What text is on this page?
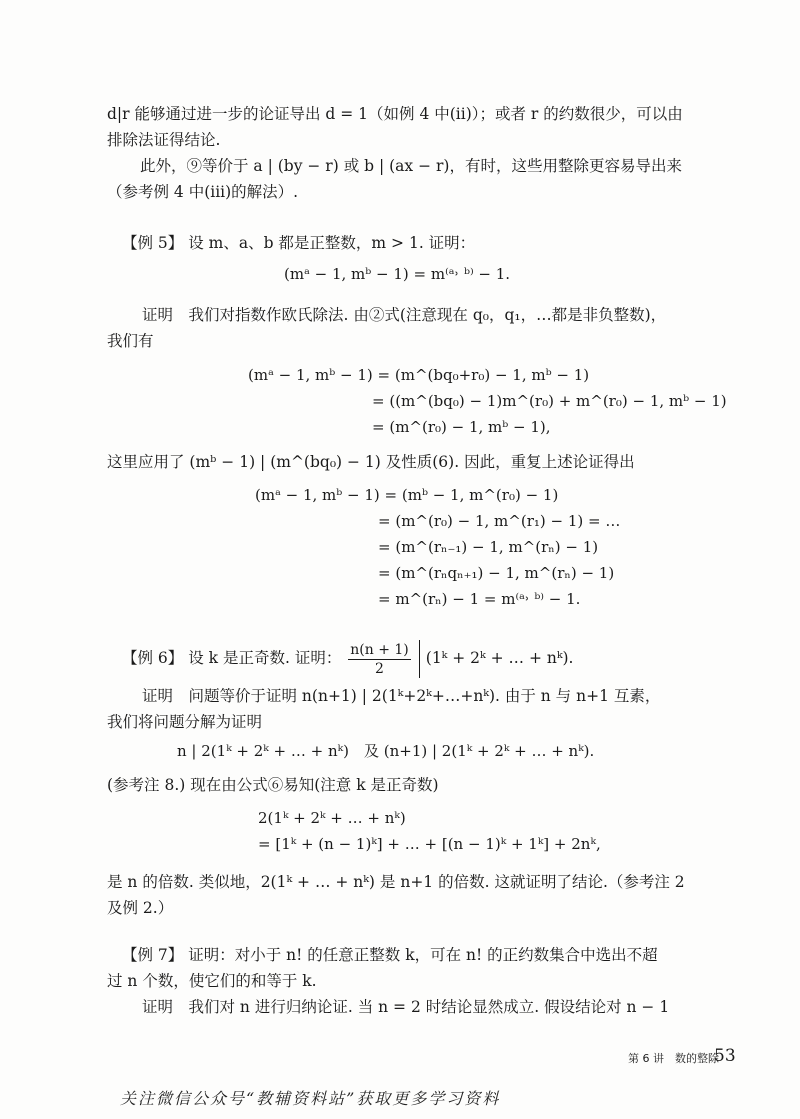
d|r 能够通过进一步的论证导出 d = 1（如例 4 中(ii)）；或者 r 的约数很少，可以由
排除法证得结论.
此外，⑨等价于 a | (by − r) 或 b | (ax − r)，有时，这些用整除更容易导出来
（参考例 4 中(iii)的解法）.
【例 5】 设 m、a、b 都是正整数，m > 1. 证明：
(mᵃ − 1, mᵇ − 1) = m⁽ᵃ˒ ᵇ⁾ − 1.
证明　我们对指数作欧氏除法. 由②式(注意现在 q₀，q₁，…都是非负整数)，
我们有
(mᵃ − 1, mᵇ − 1) = (m^(bq₀+r₀) − 1, mᵇ − 1)
= ((m^(bq₀) − 1)m^(r₀) + m^(r₀) − 1, mᵇ − 1)
= (m^(r₀) − 1, mᵇ − 1),
这里应用了 (mᵇ − 1) | (m^(bq₀) − 1) 及性质(6). 因此，重复上述论证得出
(mᵃ − 1, mᵇ − 1) = (mᵇ − 1, m^(r₀) − 1)
= (m^(r₀) − 1, m^(r₁) − 1) = …
= (m^(rₙ₋₁) − 1, m^(rₙ) − 1)
= (m^(rₙqₙ₊₁) − 1, m^(rₙ) − 1)
= m^(rₙ) − 1 = m⁽ᵃ˒ ᵇ⁾ − 1.
【例 6】 设 k 是正奇数. 证明： $\frac{n(n + 1)}{2}$ (1ᵏ + 2ᵏ + … + nᵏ).
证明　问题等价于证明 n(n+1) | 2(1ᵏ+2ᵏ+…+nᵏ). 由于 n 与 n+1 互素，
我们将问题分解为证明
n | 2(1ᵏ + 2ᵏ + … + nᵏ)　及 (n+1) | 2(1ᵏ + 2ᵏ + … + nᵏ).
(参考注 8.) 现在由公式⑥易知(注意 k 是正奇数)
2(1ᵏ + 2ᵏ + … + nᵏ)
= [1ᵏ + (n − 1)ᵏ] + … + [(n − 1)ᵏ + 1ᵏ] + 2nᵏ,
是 n 的倍数. 类似地，2(1ᵏ + … + nᵏ) 是 n+1 的倍数. 这就证明了结论.（参考注 2
及例 2.）
【例 7】 证明：对小于 n! 的任意正整数 k，可在 n! 的正约数集合中选出不超
过 n 个数，使它们的和等于 k.
证明　我们对 n 进行归纳论证. 当 n = 2 时结论显然成立. 假设结论对 n − 1
第 6 讲　数的整除
53
关注微信公众号“教辅资料站”获取更多学习资料
